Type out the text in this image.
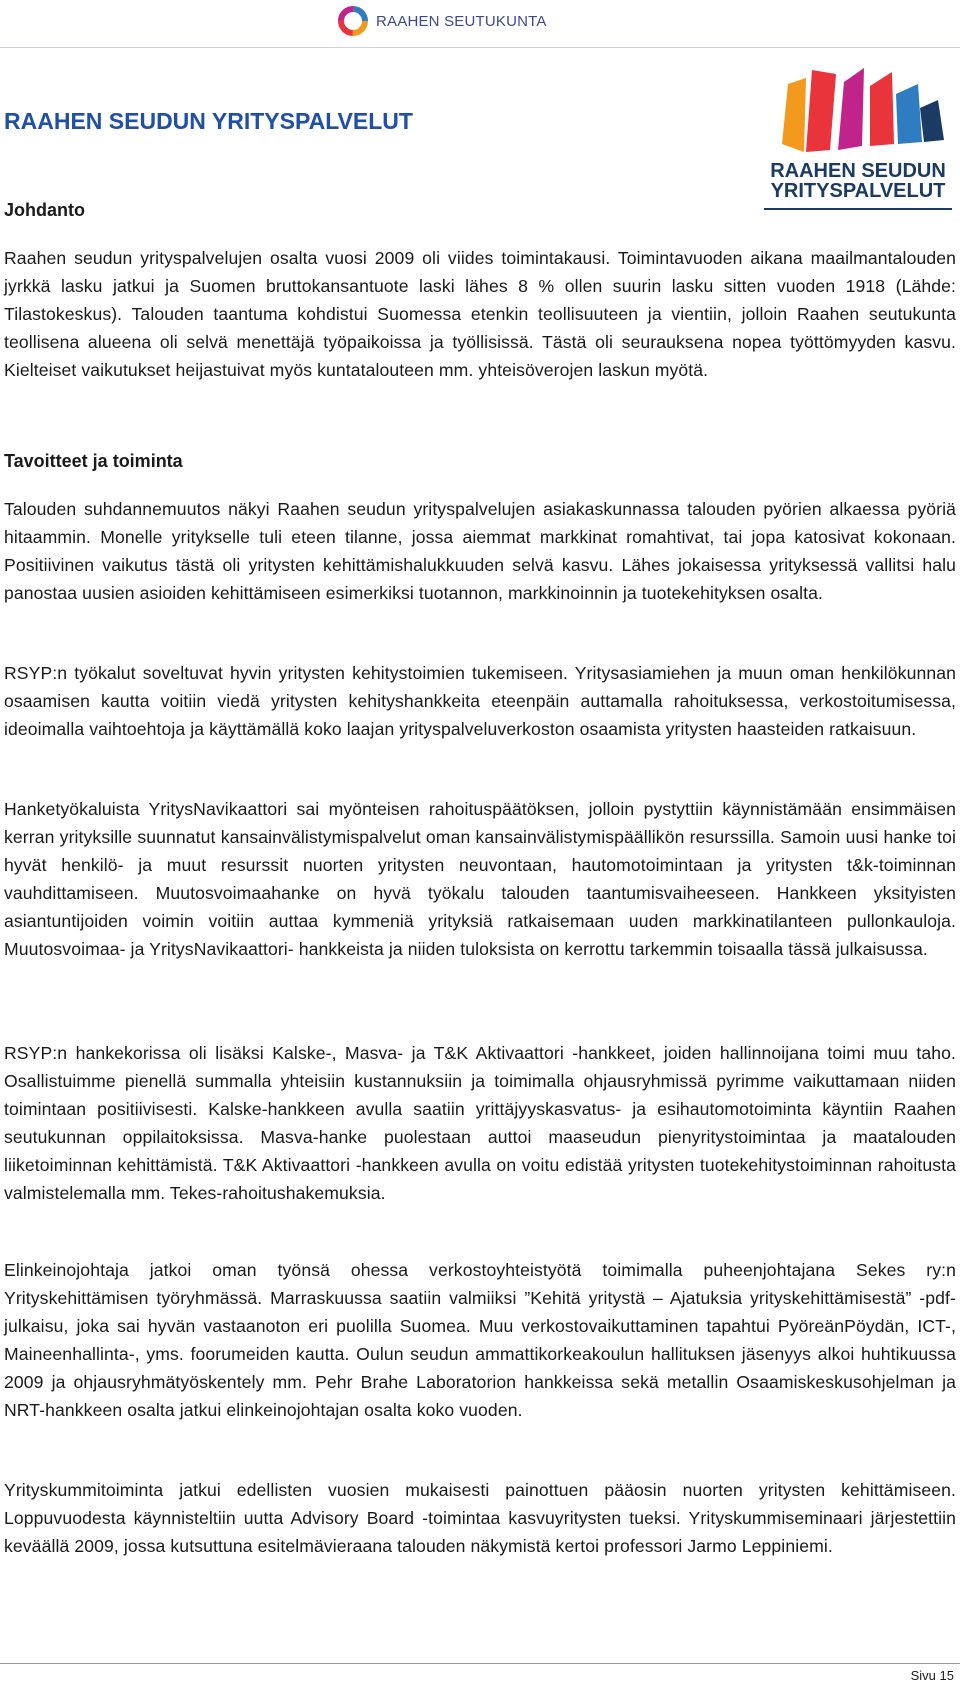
RAAHEN SEUTUKUNTA
RAAHEN SEUDUN YRITYSPALVELUT
RAAHEN SEUDUN
YRITYSPALVELUT
Johdanto

Raahen seudun yrityspalvelujen osalta vuosi 2009 oli viides toimintakausi. Toimintavuoden aikana maailmantalouden jyrkkä lasku jatkui ja Suomen bruttokansantuote laski lähes 8 % ollen suurin lasku sitten vuoden 1918 (Lähde: Tilastokeskus). Talouden taantuma kohdistui Suomessa etenkin teollisuuteen ja vientiin, jolloin Raahen seutukunta teollisena alueena oli selvä menettäjä työpaikoissa ja työllisissä. Tästä oli seurauksena nopea työttömyyden kasvu. Kielteiset vaikutukset heijastuivat myös kuntatalouteen mm. yhteisöverojen laskun myötä.

Tavoitteet ja toiminta

Talouden suhdannemuutos näkyi Raahen seudun yrityspalvelujen asiakaskunnassa talouden pyörien alkaessa pyöriä hitaammin. Monelle yritykselle tuli eteen tilanne, jossa aiemmat markkinat romahtivat, tai jopa katosivat kokonaan. Positiivinen vaikutus tästä oli yritysten kehittämishalukkuuden selvä kasvu. Lähes jokaisessa yrityksessä vallitsi halu panostaa uusien asioiden kehittämiseen esimerkiksi tuotannon, markkinoinnin ja tuotekehityksen osalta.

RSYP:n työkalut soveltuvat hyvin yritysten kehitystoimien tukemiseen. Yritysasiamiehen ja muun oman henkilökunnan osaamisen kautta voitiin viedä yritysten kehityshankkeita eteenpäin auttamalla rahoituksessa, verkostoitumisessa, ideoimalla vaihtoehtoja ja käyttämällä koko laajan yrityspalveluverkoston osaamista yritysten haasteiden ratkaisuun.

Hanketyökaluista YritysNavikaattori sai myönteisen rahoituspäätöksen, jolloin pystyttiin käynnistämään ensimmäisen kerran yrityksille suunnatut kansainvälistymispalvelut oman kansainvälistymispäällikön resurssilla. Samoin uusi hanke toi hyvät henkilö- ja muut resurssit nuorten yritysten neuvontaan, hautomotoimintaan ja yritysten t&k-toiminnan vauhdittamiseen. Muutosvoimaahanke on hyvä työkalu talouden taantumisvaiheeseen. Hankkeen yksityisten asiantuntijoiden voimin voitiin auttaa kymmeniä yrityksiä ratkaisemaan uuden markkinatilanteen pullonkauloja. Muutosvoimaa- ja YritysNavikaattori- hankkeista ja niiden tuloksista on kerrottu tarkemmin toisaalla tässä julkaisussa.

RSYP:n hankekorissa oli lisäksi Kalske-, Masva- ja T&K Aktivaattori -hankkeet, joiden hallinnoijana toimi muu taho. Osallistuimme pienellä summalla yhteisiin kustannuksiin ja toimimalla ohjausryhmissä pyrimme vaikuttamaan niiden toimintaan positiivisesti. Kalske-hankkeen avulla saatiin yrittäjyyskasvatus- ja esihautomotoiminta käyntiin Raahen seutukunnan oppilaitoksissa. Masva-hanke puolestaan auttoi maaseudun pienyritystoimintaa ja maatalouden liiketoiminnan kehittämistä. T&K Aktivaattori -hankkeen avulla on voitu edistää yritysten tuotekehitystoiminnan rahoitusta valmistelemalla mm. Tekes-rahoitushakemuksia.

Elinkeinojohtaja jatkoi oman työnsä ohessa verkostoyhteistyötä toimimalla puheenjohtajana Sekes ry:n Yrityskehittämisen työryhmässä. Marraskuussa saatiin valmiiksi ”Kehitä yritystä – Ajatuksia yrityskehittämisestä” -pdf-julkaisu, joka sai hyvän vastaanoton eri puolilla Suomea. Muu verkostovaikuttaminen tapahtui PyöreänPöydän, ICT-, Maineenhallinta-, yms. foorumeiden kautta. Oulun seudun ammattikorkeakoulun hallituksen jäsenyys alkoi huhtikuussa 2009 ja ohjausryhmätyöskentely mm. Pehr Brahe Laboratorion hankkeissa sekä metallin Osaamiskeskusohjelman ja NRT-hankkeen osalta jatkui elinkeinojohtajan osalta koko vuoden.

Yrityskummitoiminta jatkui edellisten vuosien mukaisesti painottuen pääosin nuorten yritysten kehittämiseen. Loppuvuodesta käynnisteltiin uutta Advisory Board -toimintaa kasvuyritysten tueksi. Yrityskummiseminaari järjestettiin keväällä 2009, jossa kutsuttuna esitelmävieraana talouden näkymistä kertoi professori Jarmo Leppiniemi.

Sivu 15
